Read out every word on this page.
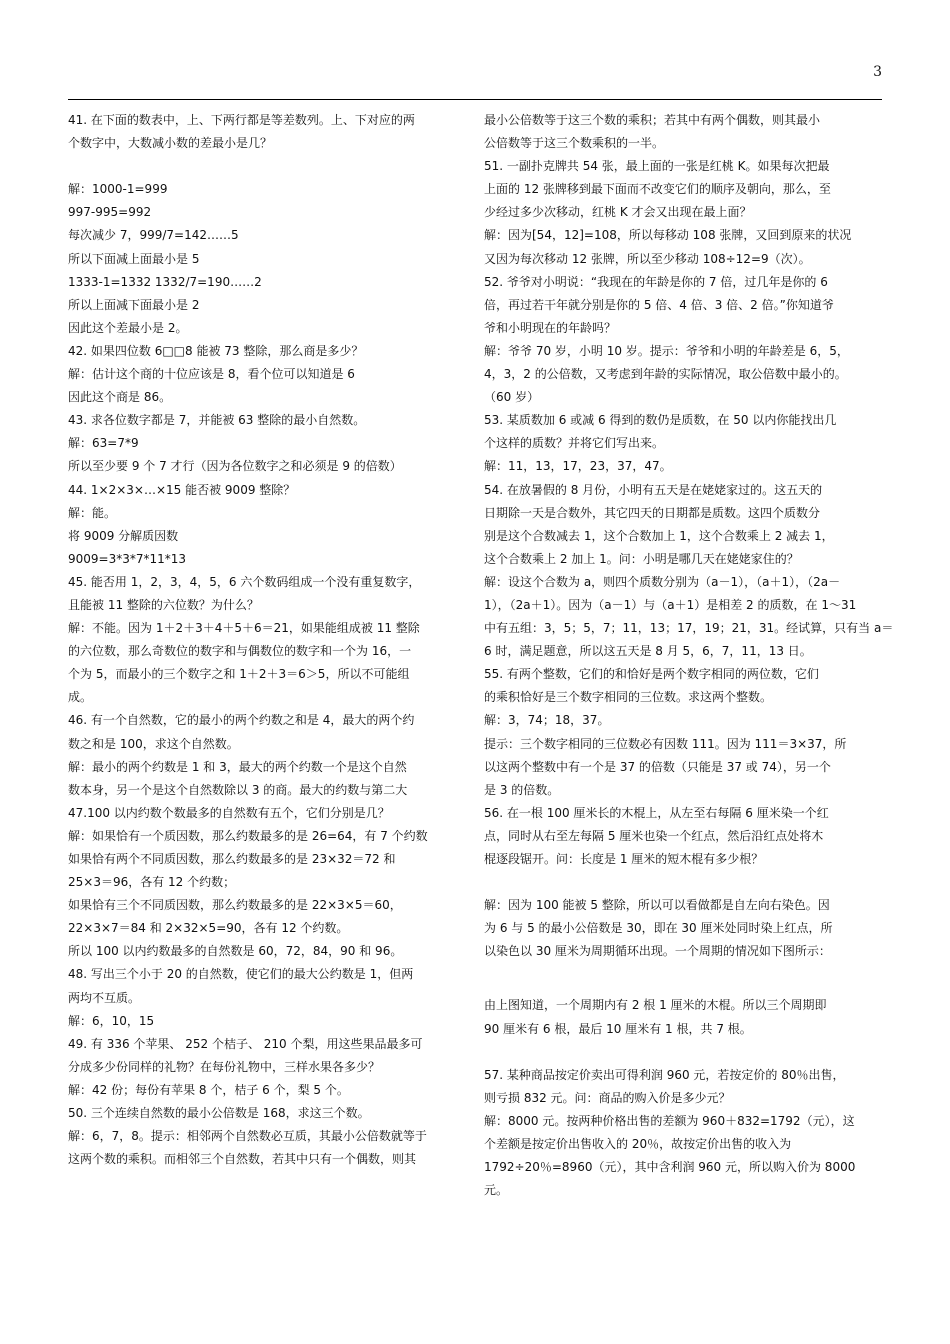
3
41. 在下面的数表中，上、下两行都是等差数列。上、下对应的两
个数字中，大数减小数的差最小是几？
解：1000-1=999
997-995=992
每次减少 7，999/7=142……5
所以下面减上面最小是 5
1333-1=1332 1332/7=190……2
所以上面减下面最小是 2
因此这个差最小是 2。
42. 如果四位数 6□□8 能被 73 整除，那么商是多少？
解：估计这个商的十位应该是 8，看个位可以知道是 6
因此这个商是 86。
43. 求各位数字都是 7，并能被 63 整除的最小自然数。
解：63=7*9
所以至少要 9 个 7 才行（因为各位数字之和必须是 9 的倍数）
44. 1×2×3×…×15 能否被 9009 整除？
解：能。
将 9009 分解质因数
9009=3*3*7*11*13
45. 能否用 1，2，3，4，5，6 六个数码组成一个没有重复数字，
且能被 11 整除的六位数？为什么？
解：不能。因为 1＋2＋3＋4＋5＋6＝21，如果能组成被 11 整除
的六位数，那么奇数位的数字和与偶数位的数字和一个为 16，一
个为 5，而最小的三个数字之和 1＋2＋3＝6＞5，所以不可能组
成。
46. 有一个自然数，它的最小的两个约数之和是 4，最大的两个约
数之和是 100，求这个自然数。
解：最小的两个约数是 1 和 3，最大的两个约数一个是这个自然
数本身，另一个是这个自然数除以 3 的商。最大的约数与第二大
47.100 以内约数个数最多的自然数有五个，它们分别是几？
解：如果恰有一个质因数，那么约数最多的是 26=64，有 7 个约数
如果恰有两个不同质因数，那么约数最多的是 23×32＝72 和
25×3＝96，各有 12 个约数；
如果恰有三个不同质因数，那么约数最多的是 22×3×5＝60，
22×3×7＝84 和 2×32×5=90，各有 12 个约数。
所以 100 以内约数最多的自然数是 60，72，84，90 和 96。
48. 写出三个小于 20 的自然数，使它们的最大公约数是 1，但两
两均不互质。
解：6，10，15
49. 有 336 个苹果、 252 个桔子、 210 个梨，用这些果品最多可
分成多少份同样的礼物？在每份礼物中，三样水果各多少？
解：42 份；每份有苹果 8 个，桔子 6 个，梨 5 个。
50. 三个连续自然数的最小公倍数是 168，求这三个数。
解：6，7，8。提示：相邻两个自然数必互质，其最小公倍数就等于
这两个数的乘积。而相邻三个自然数，若其中只有一个偶数，则其
最小公倍数等于这三个数的乘积；若其中有两个偶数，则其最小
公倍数等于这三个数乘积的一半。
51. 一副扑克牌共 54 张，最上面的一张是红桃 K。如果每次把最
上面的 12 张牌移到最下面而不改变它们的顺序及朝向，那么，至
少经过多少次移动，红桃 K 才会又出现在最上面？
解：因为[54，12]=108，所以每移动 108 张牌，又回到原来的状况
又因为每次移动 12 张牌，所以至少移动 108÷12=9（次）。
52. 爷爷对小明说：“我现在的年龄是你的 7 倍，过几年是你的 6
倍，再过若干年就分别是你的 5 倍、4 倍、3 倍、2 倍。”你知道爷
爷和小明现在的年龄吗？
解：爷爷 70 岁，小明 10 岁。提示：爷爷和小明的年龄差是 6，5，
4，3，2 的公倍数，又考虑到年龄的实际情况，取公倍数中最小的。
（60 岁）
53. 某质数加 6 或减 6 得到的数仍是质数，在 50 以内你能找出几
个这样的质数？并将它们写出来。
解：11，13，17，23，37，47。
54. 在放暑假的 8 月份，小明有五天是在姥姥家过的。这五天的
日期除一天是合数外，其它四天的日期都是质数。这四个质数分
别是这个合数减去 1，这个合数加上 1，这个合数乘上 2 减去 1，
这个合数乘上 2 加上 1。问：小明是哪几天在姥姥家住的？
解：设这个合数为 a，则四个质数分别为（a－1），（a＋1），（2a－
1），（2a＋1）。因为（a－1）与（a＋1）是相差 2 的质数，在 1～31
中有五组：3，5；5，7；11，13；17，19；21，31。经试算，只有当 a＝
6 时，满足题意，所以这五天是 8 月 5，6，7，11，13 日。
55. 有两个整数，它们的和恰好是两个数字相同的两位数，它们
的乘积恰好是三个数字相同的三位数。求这两个整数。
解：3，74；18，37。
提示：三个数字相同的三位数必有因数 111。因为 111＝3×37，所
以这两个整数中有一个是 37 的倍数（只能是 37 或 74），另一个
是 3 的倍数。
56. 在一根 100 厘米长的木棍上，从左至右每隔 6 厘米染一个红
点，同时从右至左每隔 5 厘米也染一个红点，然后沿红点处将木
棍逐段锯开。问：长度是 1 厘米的短木棍有多少根？
解：因为 100 能被 5 整除，所以可以看做都是自左向右染色。因
为 6 与 5 的最小公倍数是 30，即在 30 厘米处同时染上红点，所
以染色以 30 厘米为周期循环出现。一个周期的情况如下图所示：
由上图知道，一个周期内有 2 根 1 厘米的木棍。所以三个周期即
90 厘米有 6 根，最后 10 厘米有 1 根，共 7 根。
57. 某种商品按定价卖出可得利润 960 元，若按定价的 80％出售，
则亏损 832 元。问：商品的购入价是多少元？
解：8000 元。按两种价格出售的差额为 960＋832=1792（元），这
个差额是按定价出售收入的 20％，故按定价出售的收入为
1792÷20％=8960（元），其中含利润 960 元，所以购入价为 8000
元。
